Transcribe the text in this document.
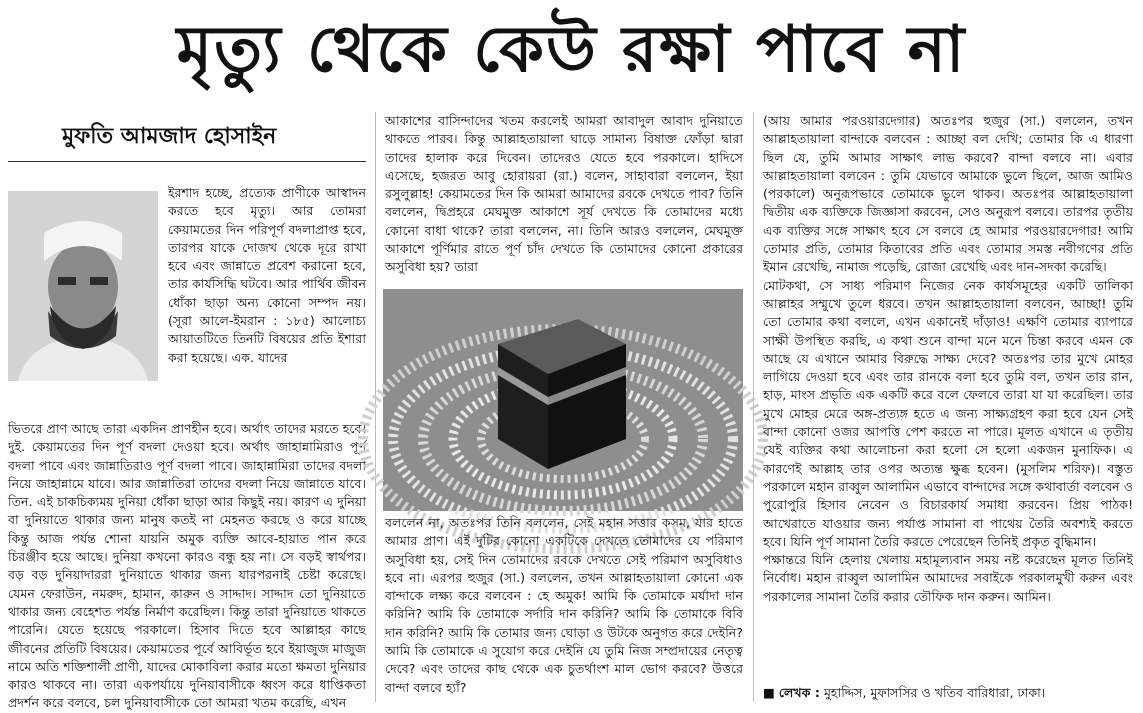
মৃত্যু থেকে কেউ রক্ষা পাবে না
মুফতি আমজাদ হোসাইন

ইরশাদ হচ্ছে, প্রত্যেক প্রাণীকে আস্বাদন করতে হবে মৃত্যু। আর তোমরা কেয়ামতের দিন পরিপূর্ণ বদলাপ্রাপ্ত হবে, তারপর যাকে দোজখ থেকে দূরে রাখা হবে এবং জান্নাতে প্রবেশ করানো হবে, তার কার্যসিদ্ধি ঘটবে। আর পার্থিব জীবন ধোঁকা ছাড়া অন্য কোনো সম্পদ নয়। (সূরা আলে-ইমরান : ১৮৫) আলোচ্য আয়াতটিতে তিনটি বিষয়ের প্রতি ইশারা করা হয়েছে। এক. যাদের

ভিতরে প্রাণ আছে তারা একদিন প্রাণহীন হবে। অর্থাৎ তাদের মরতে হবে। দুই. কেয়ামতের দিন পূর্ণ বদলা দেওয়া হবে। অর্থাৎ জাহান্নামিরাও পূর্ণ বদলা পাবে এবং জান্নাতিরাও পূর্ণ বদলা পাবে। জাহান্নামিরা তাদের বদলা নিয়ে জাহান্নামে যাবে। আর জান্নাতিরা তাদের বদলা নিয়ে জান্নাতে যাবে। তিন. এই চাকচিক্যময় দুনিয়া ধোঁকা ছাড়া আর কিছুই নয়। কারণ এ দুনিয়া বা দুনিয়াতে থাকার জন্য মানুষ কতই না মেহনত করছে ও করে যাচ্ছে কিন্তু আজ পর্যন্ত শোনা যায়নি অমুক ব্যক্তি আবে-হায়াত পান করে চিরঞ্জীব হয়ে আছে। দুনিয়া কখনো কারও বন্ধু হয় না। সে বড়ই স্বার্থপর। বড় বড় দুনিয়াদাররা দুনিয়াতে থাকার জন্য যারপরনাই চেষ্টা করেছে। যেমন ফেরাউন, নমরুদ, হামান, কারুন ও সাদ্দাদ। সাদ্দাদ তো দুনিয়াতে থাকার জন্য বেহেশত পর্যন্ত নির্মাণ করেছিল। কিন্তু তারা দুনিয়াতে থাকতে পারেনি। যেতে হয়েছে পরকালে। হিসাব দিতে হবে আল্লাহর কাছে জীবনের প্রতিটি বিষয়ের। কেয়ামতের পূর্বে আবির্ভূত হবে ইয়াজুজ মাজুজ নামে অতি শক্তিশালী প্রাণী, যাদের মোকাবিলা করার মতো ক্ষমতা দুনিয়ার কারও থাকবে না। তারা একপর্যায়ে দুনিয়াবাসীকে ধ্বংস করে ধাপ্তিকতা প্রদর্শন করে বলবে, চল দুনিয়াবাসীকে তো আমরা খতম করেছি, এখন

আকাশের বাসিন্দাদের খতম করলেই আমরা আবাদুল আবাদ দুনিয়াতে থাকতে পারব। কিন্তু আল্লাহতায়ালা ঘাড়ে সামান্য বিষাক্ত ফোঁড়া দ্বারা তাদের হালাক করে দিবেন। তাদেরও যেতে হবে পরকালে। হাদিসে এসেছে, হজরত আবু হোরায়রা (রা.) বলেন, সাহাবারা বললেন, ইয়া রসুলুল্লাহ! কেয়ামতের দিন কি আমরা আমাদের রবকে দেখতে পাব? তিনি বললেন, দ্বিপ্রহরে মেঘমুক্ত আকাশে সূর্য দেখতে কি তোমাদের মধ্যে কোনো বাধা থাকে? তারা বললেন, না। তিনি আরও বললেন, মেঘমুক্ত আকাশে পূর্ণিমার রাতে পূর্ণ চাঁদ দেখতে কি তোমাদের কোনো প্রকারের অসুবিধা হয়? তারা

বললেন না, অতঃপর তিনি বললেন, সেই মহান সত্তার কসম, যার হাতে আমার প্রাণ। এই দুটির কোনো একটিকে দেখতে তোমাদের যে পরিমাণ অসুবিধা হয়, সেই দিন তোমাদের রবকে দেখতে সেই পরিমাণ অসুবিধাও হবে না। এরপর হুজুর (সা.) বললেন, তখন আল্লাহতায়ালা কোনো এক বান্দাকে লক্ষ্য করে বলবেন : হে অমুক! আমি কি তোমাকে মর্যাদা দান করিনি? আমি কি তোমাকে সর্দারি দান করিনি? আমি কি তোমাকে বিবি দান করিনি? আমি কি তোমার জন্য ঘোড়া ও উটকে অনুগত করে দেইনি? আমি কি তোমাকে এ সুযোগ করে দেইনি যে তুমি নিজ সম্প্রদায়ের নেতৃত্ব দেবে? এবং তাদের কাছ থেকে এক চুতর্থাংশ মাল ভোগ করবে? উত্তরে বান্দা বলবে হ্যাঁ?

(আয় আমার পরওয়ারদেগার) অতঃপর হুজুর (সা.) বললেন, তখন আল্লাহতায়ালা বান্দাকে বলবেন : আচ্ছা বল দেখি; তোমার কি এ ধারণা ছিল যে, তুমি আমার সাক্ষাৎ লাভ করবে? বান্দা বলবে না। এবার আল্লাহতায়ালা বলবেন : তুমি যেভাবে আমাকে ভুলে ছিলে, আজ আমিও (পরকালে) অনুরূপভাবে তোমাকে ভুলে থাকব। অতঃপর আল্লাহতায়ালা দ্বিতীয় এক ব্যক্তিকে জিজ্ঞাসা করবেন, সেও অনুরূপ বলবে। তারপর তৃতীয় এক ব্যক্তির সঙ্গে সাক্ষাৎ হবে সে বলবে হে আমার পরওয়ারদেগার! আমি তোমার প্রতি, তোমার কিতাবের প্রতি এবং তোমার সমস্ত নবীগণের প্রতি ইমান রেখেছি, নামাজ পড়েছি, রোজা রেখেছি এবং দান-সদকা করেছি।

মোটকথা, সে সাধ্য পরিমাণ নিজের নেক কার্যসমূহের একটি তালিকা আল্লাহর সম্মুখে তুলে ধরবে। তখন আল্লাহতায়ালা বলবেন, আচ্ছা! তুমি তো তোমার কথা বললে, এখন একানেই দাঁড়াও! এক্ষণি তোমার ব্যাপারে সাক্ষী উপস্থিত করছি, এ কথা শুনে বান্দা মনে মনে চিন্তা করবে এমন কে আছে যে এখানে আমার বিরুদ্ধে সাক্ষ্য দেবে? অতঃপর তার মুখে মোহর লাগিয়ে দেওয়া হবে এবং তার রানকে বলা হবে তুমি বল, তখন তার রান, হাড়, মাংস প্রভৃতি এক একটি করে বলে ফেলবে তারা যা যা করেছিল। তার মুখে মোহর মেরে অঙ্গ-প্রত্যঙ্গ হতে এ জন্য সাক্ষ্যগ্রহণ করা হবে যেন সেই বান্দা কোনো ওজর আপত্তি পেশ করতে না পারে। মূলত এখানে এ তৃতীয় যেই ব্যক্তির কথা আলোচনা করা হলো সে হলো একজন মুনাফিক। এ কারণেই আল্লাহ তার ওপর অত্যন্ত ক্ষুব্ধ হবেন। (মুসলিম শরিফ)। বস্তুত পরকালে মহান রাব্বুল আলামিন এভাবে বান্দাদের সঙ্গে কথাবার্তা বলবেন ও পুরোপুরি হিসাব নেবেন ও বিচারকার্য সমাধা করবেন। প্রিয় পাঠক! আখেরাতে যাওয়ার জন্য পর্যাপ্ত সামানা বা পাথেয় তৈরি অবশ্যই করতে হবে। যিনি পূর্ণ সামানা তৈরি করতে পেরেছেন তিনিই প্রকৃত বুদ্ধিমান।

পক্ষান্তরে যিনি হেলায় খেলায় মহামূল্যবান সময় নষ্ট করেছেন মূলত তিনিই নির্বোধ। মহান রাব্বুল আলামিন আমাদের সবাইকে পরকালমুখী করুন এবং পরকালের সামানা তৈরি করার তৌফিক দান করুন। আমিন।

■ লেখক : মুহাদ্দিস, মুফাসসির ও খতিব বারিধারা, ঢাকা।
